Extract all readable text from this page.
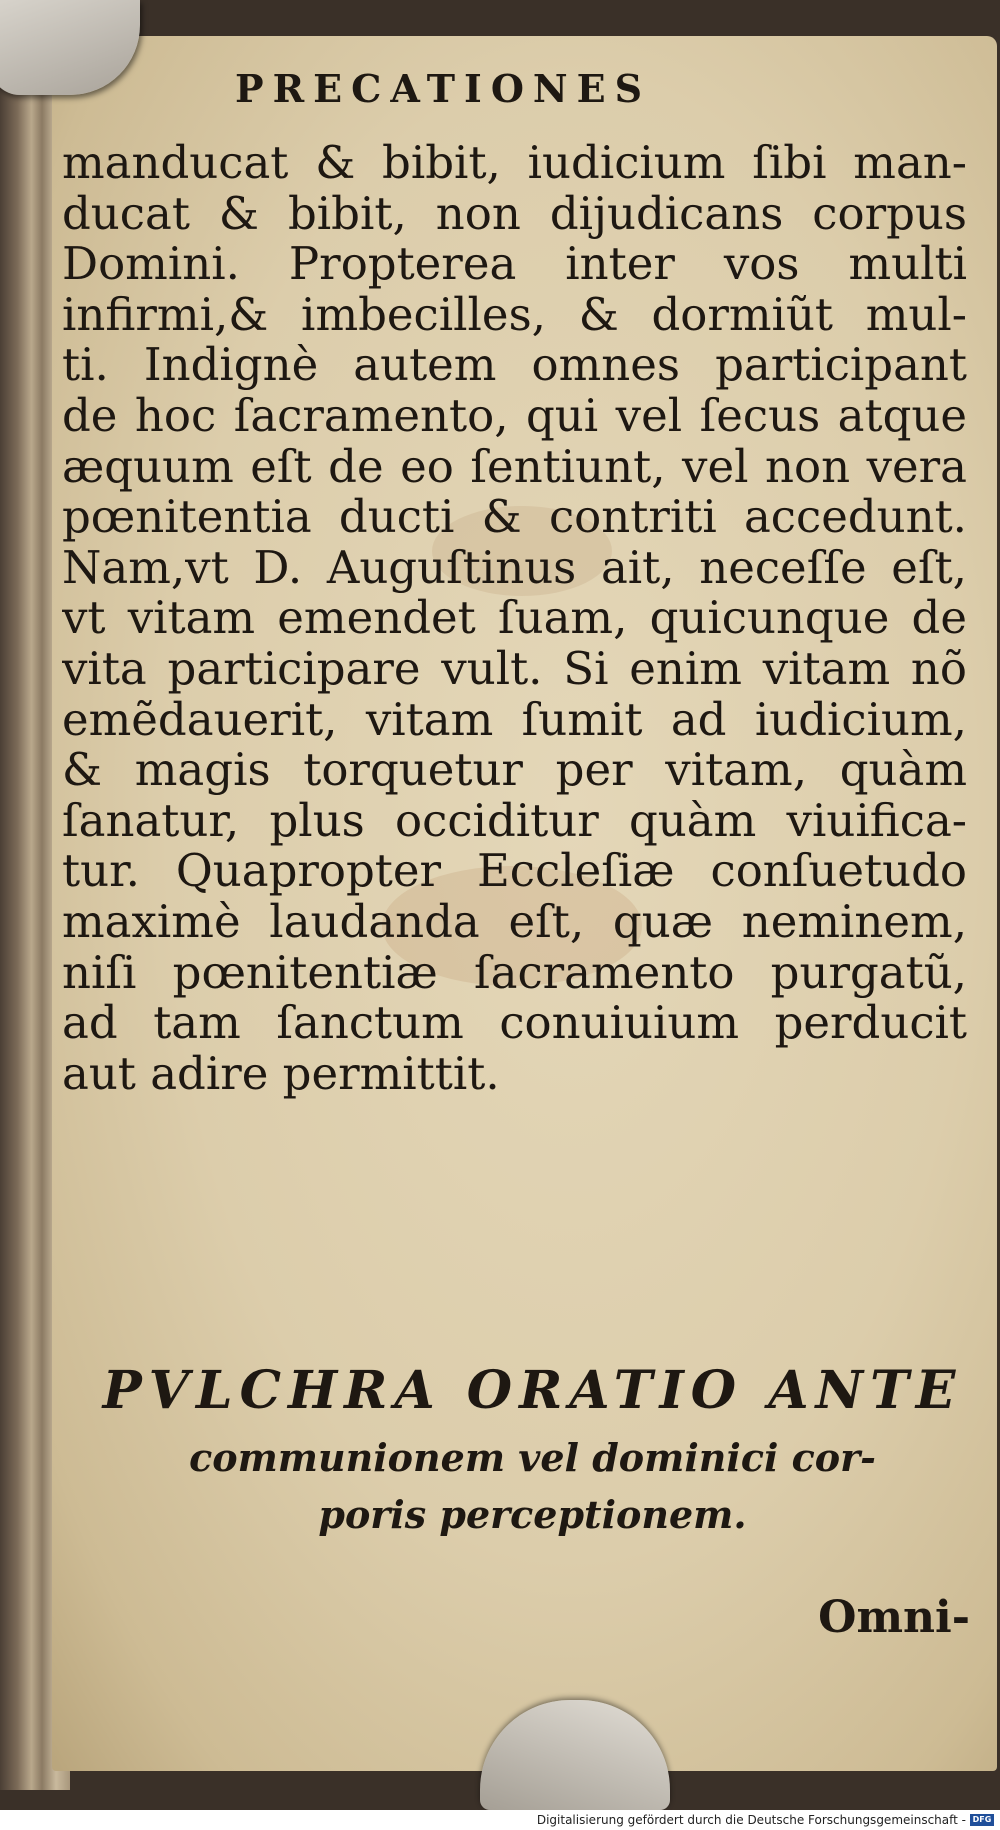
PRECATIONES
manducat & bibit, iudicium ſibi man-
ducat & bibit, non dijudicans corpus
Domini. Propterea inter vos multi
infirmi,& imbecilles, & dormiũt mul-
ti. Indignè autem omnes participant
de hoc ſacramento, qui vel ſecus atque
æquum eſt de eo ſentiunt, vel non vera
pœnitentia ducti & contriti accedunt.
Nam,vt D. Auguſtinus ait, neceſſe eſt,
vt vitam emendet ſuam, quicunque de
vita participare vult. Si enim vitam nõ
emẽdauerit, vitam ſumit ad iudicium,
& magis torquetur per vitam, quàm
ſanatur, plus occiditur quàm viuifica-
tur. Quapropter Eccleſiæ conſuetudo
maximè laudanda eſt, quæ neminem,
niſi pœnitentiæ ſacramento purgatũ,
ad tam ſanctum conuiuium perducit
aut adire permittit.
PVLCHRA ORATIO ANTE
communionem vel dominici cor-
poris perceptionem.
Omni-
Digitalisierung gefördert durch die Deutsche Forschungsgemeinschaft - DFG
